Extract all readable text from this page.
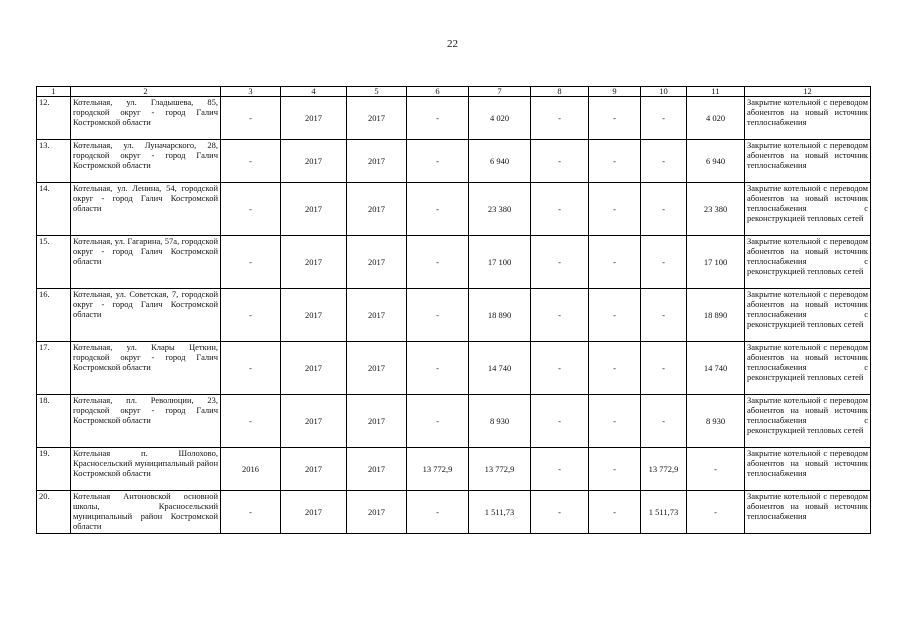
22
1	2	3	4	5	6	7	8	9	10	11	12
12.	Котельная, ул. Гладышева, 85, городской округ - город Галич Костромской области	-	2017	2017	-	4 020	-	-	-	4 020	Закрытие котельной с переводом абонентов на новый источник теплоснабжения
13.	Котельная, ул. Луначарского, 28, городской округ - город Галич Костромской области	-	2017	2017	-	6 940	-	-	-	6 940	Закрытие котельной с переводом абонентов на новый источник теплоснабжения
14.	Котельная, ул. Ленина, 54, городской округ - город Галич Костромской области	-	2017	2017	-	23 380	-	-	-	23 380	Закрытие котельной с переводом абонентов на новый источник теплоснабжения с реконструкцией тепловых сетей
15.	Котельная, ул. Гагарина, 57а, городской округ - город Галич Костромской области	-	2017	2017	-	17 100	-	-	-	17 100	Закрытие котельной с переводом абонентов на новый источник теплоснабжения с реконструкцией тепловых сетей
16.	Котельная, ул. Советская, 7, городской округ - город Галич Костромской области	-	2017	2017	-	18 890	-	-	-	18 890	Закрытие котельной с переводом абонентов на новый источник теплоснабжения с реконструкцией тепловых сетей
17.	Котельная, ул. Клары Цеткин, городской округ - город Галич Костромской области	-	2017	2017	-	14 740	-	-	-	14 740	Закрытие котельной с переводом абонентов на новый источник теплоснабжения с реконструкцией тепловых сетей
18.	Котельная, пл. Революции, 23, городской округ - город Галич Костромской области	-	2017	2017	-	8 930	-	-	-	8 930	Закрытие котельной с переводом абонентов на новый источник теплоснабжения с реконструкцией тепловых сетей
19.	Котельная п. Шолохово, Красносельский муниципальный район Костромской области	2016	2017	2017	13 772,9	13 772,9	-	-	13 772,9	-	Закрытие котельной с переводом абонентов на новый источник теплоснабжения
20.	Котельная Антоновской основной школы, Красносельский муниципальный район Костромской области	-	2017	2017	-	1 511,73	-	-	1 511,73	-	Закрытие котельной с переводом абонентов на новый источник теплоснабжения
